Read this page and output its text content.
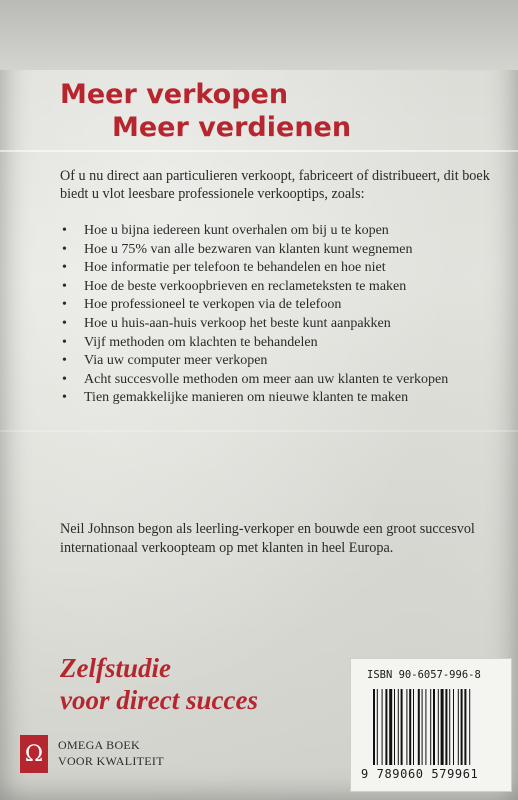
Meer verkopen
Meer verdienen

Of u nu direct aan particulieren verkoopt, fabriceert of distribueert, dit boek biedt u vlot leesbare professionele verkooptips, zoals:

• Hoe u bijna iedereen kunt overhalen om bij u te kopen
• Hoe u 75% van alle bezwaren van klanten kunt wegnemen
• Hoe informatie per telefoon te behandelen en hoe niet
• Hoe de beste verkoopbrieven en reclameteksten te maken
• Hoe professioneel te verkopen via de telefoon
• Hoe u huis-aan-huis verkoop het beste kunt aanpakken
• Vijf methoden om klachten te behandelen
• Via uw computer meer verkopen
• Acht succesvolle methoden om meer aan uw klanten te verkopen
• Tien gemakkelijke manieren om nieuwe klanten te maken

Neil Johnson begon als leerling-verkoper en bouwde een groot succesvol internationaal verkoopteam op met klanten in heel Europa.

Zelfstudie
voor direct succes
Ω	OMEGA BOEK
VOOR KWALITEIT

ISBN 90-6057-996-8
9 789060 579961
